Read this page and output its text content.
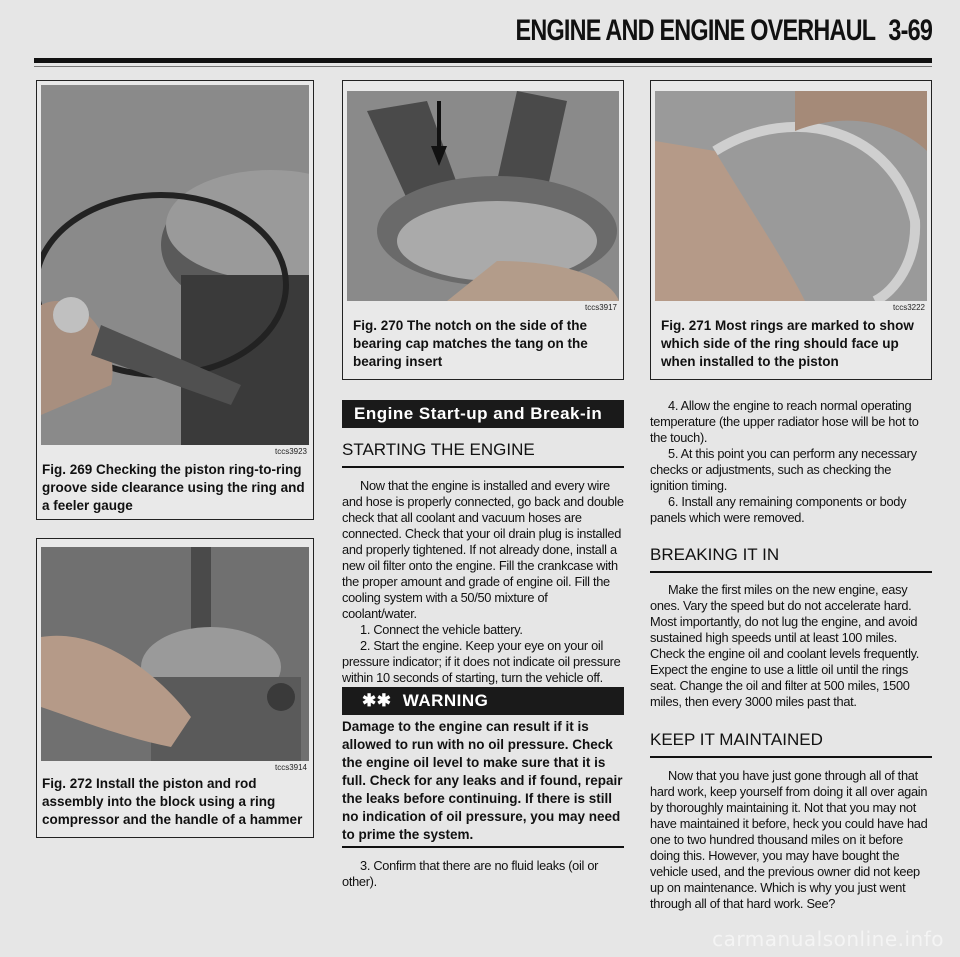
ENGINE AND ENGINE OVERHAUL 3-69
tccs3923
Fig. 269 Checking the piston ring-to-ring groove side clearance using the ring and a feeler gauge
tccs3914
Fig. 272 Install the piston and rod assembly into the block using a ring compressor and the handle of a hammer
tccs3917
Fig. 270 The notch on the side of the bearing cap matches the tang on the bearing insert
tccs3222
Fig. 271 Most rings are marked to show which side of the ring should face up when installed to the piston
Engine Start-up and Break-in
STARTING THE ENGINE

Now that the engine is installed and every wire and hose is properly connected, go back and double check that all coolant and vacuum hoses are connected. Check that your oil drain plug is installed and properly tightened. If not already done, install a new oil filter onto the engine. Fill the crankcase with the proper amount and grade of engine oil. Fill the cooling system with a 50/50 mixture of coolant/water.

1. Connect the vehicle battery.

2. Start the engine. Keep your eye on your oil pressure indicator; if it does not indicate oil pressure within 10 seconds of starting, turn the vehicle off.

✱✱ WARNING
Damage to the engine can result if it is allowed to run with no oil pressure. Check the engine oil level to make sure that it is full. Check for any leaks and if found, repair the leaks before continuing. If there is still no indication of oil pressure, you may need to prime the system.

3. Confirm that there are no fluid leaks (oil or other).

4. Allow the engine to reach normal operating temperature (the upper radiator hose will be hot to the touch).

5. At this point you can perform any necessary checks or adjustments, such as checking the ignition timing.

6. Install any remaining components or body panels which were removed.

BREAKING IT IN

Make the first miles on the new engine, easy ones. Vary the speed but do not accelerate hard. Most importantly, do not lug the engine, and avoid sustained high speeds until at least 100 miles. Check the engine oil and coolant levels frequently. Expect the engine to use a little oil until the rings seat. Change the oil and filter at 500 miles, 1500 miles, then every 3000 miles past that.

KEEP IT MAINTAINED

Now that you have just gone through all of that hard work, keep yourself from doing it all over again by thoroughly maintaining it. Not that you may not have maintained it before, heck you could have had one to two hundred thousand miles on it before doing this. However, you may have bought the vehicle used, and the previous owner did not keep up on maintenance. Which is why you just went through all of that hard work. See?

carmanualsonline.info
